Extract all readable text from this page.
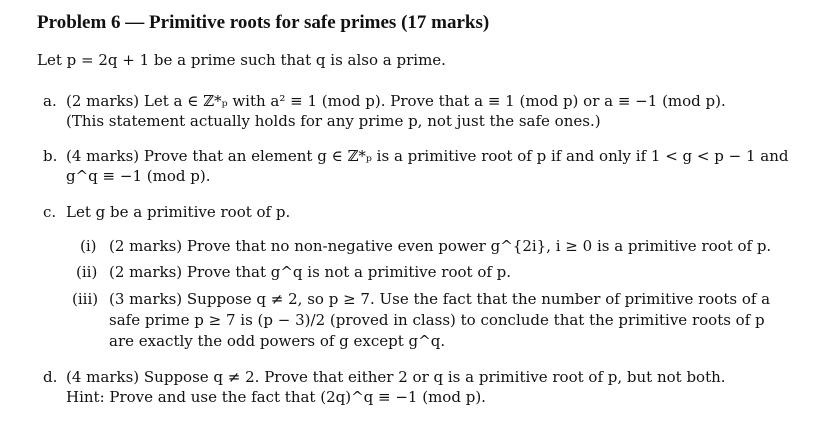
Problem 6 — Primitive roots for safe primes (17 marks)
Let p = 2q + 1 be a prime such that q is also a prime.
a. (2 marks) Let a ∈ ℤ*ₚ with a² ≡ 1 (mod p). Prove that a ≡ 1 (mod p) or a ≡ −1 (mod p).
(This statement actually holds for any prime p, not just the safe ones.)
b. (4 marks) Prove that an element g ∈ ℤ*ₚ is a primitive root of p if and only if 1 < g < p − 1 and
g^q ≡ −1 (mod p).
c. Let g be a primitive root of p.
(i) (2 marks) Prove that no non-negative even power g^{2i}, i ≥ 0 is a primitive root of p.
(ii) (2 marks) Prove that g^q is not a primitive root of p.
(iii) (3 marks) Suppose q ≠ 2, so p ≥ 7. Use the fact that the number of primitive roots of a
safe prime p ≥ 7 is (p − 3)/2 (proved in class) to conclude that the primitive roots of p
are exactly the odd powers of g except g^q.
d. (4 marks) Suppose q ≠ 2. Prove that either 2 or q is a primitive root of p, but not both.
Hint: Prove and use the fact that (2q)^q ≡ −1 (mod p).
